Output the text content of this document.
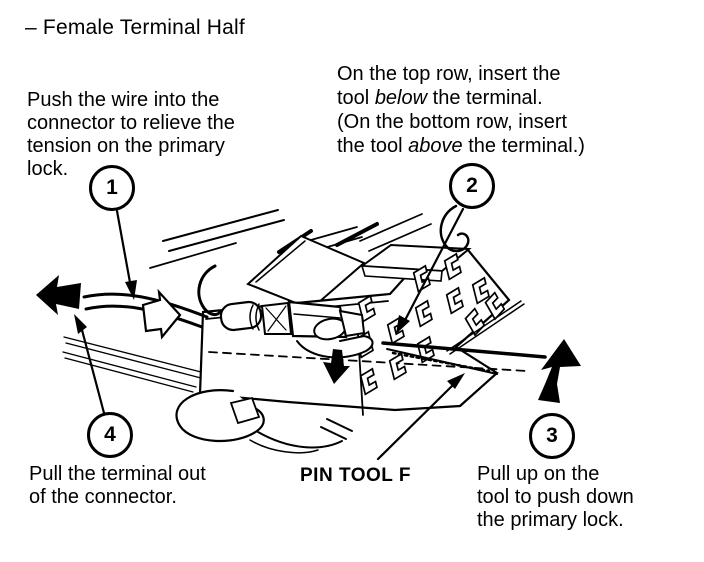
– Female Terminal Half
Push the wire into the
connector to relieve the
tension on the primary
lock.
On the top row, insert the
tool below the terminal.
(On the bottom row, insert
the tool above the terminal.)
Pull the terminal out
of the connector.
PIN TOOL F	Pull up on the
tool to push down
the primary lock.
1	2
3
4
